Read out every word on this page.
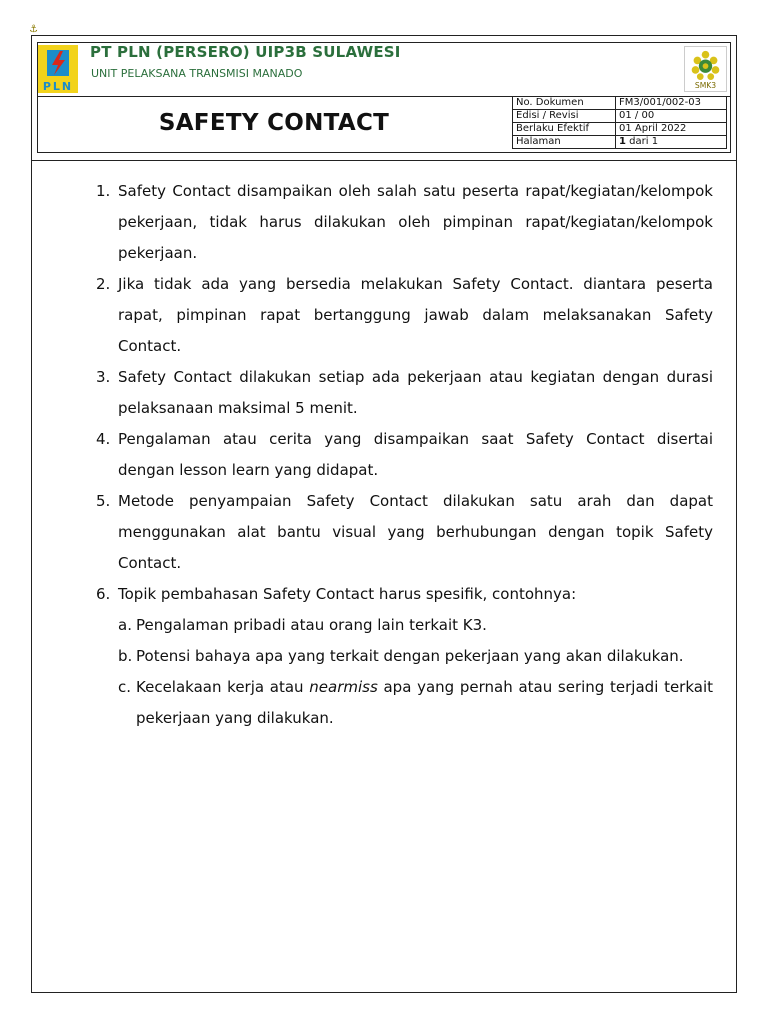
⚓
PLN
PT PLN (PERSERO) UIP3B SULAWESI
UNIT PELAKSANA TRANSMISI MANADO
SMK3
SAFETY CONTACT
No. Dokumen	FM3/001/002-03
Edisi / Revisi	01 / 00
Berlaku Efektif	01 April 2022
Halaman	1 dari 1
1. Safety Contact disampaikan oleh salah satu peserta rapat/kegiatan/kelompok pekerjaan, tidak harus dilakukan oleh pimpinan rapat/kegiatan/kelompok pekerjaan.
2. Jika tidak ada yang bersedia melakukan Safety Contact. diantara peserta rapat, pimpinan rapat bertanggung jawab dalam melaksanakan Safety Contact.
3. Safety Contact dilakukan setiap ada pekerjaan atau kegiatan dengan durasi pelaksanaan maksimal 5 menit.
4. Pengalaman atau cerita yang disampaikan saat Safety Contact disertai dengan lesson learn yang didapat.
5. Metode penyampaian Safety Contact dilakukan satu arah dan dapat menggunakan alat bantu visual yang berhubungan dengan topik Safety Contact.
6. Topik pembahasan Safety Contact harus spesifik, contohnya:
a. Pengalaman pribadi atau orang lain terkait K3.
b. Potensi bahaya apa yang terkait dengan pekerjaan yang akan dilakukan.
c. Kecelakaan kerja atau nearmiss apa yang pernah atau sering terjadi terkait pekerjaan yang dilakukan.
